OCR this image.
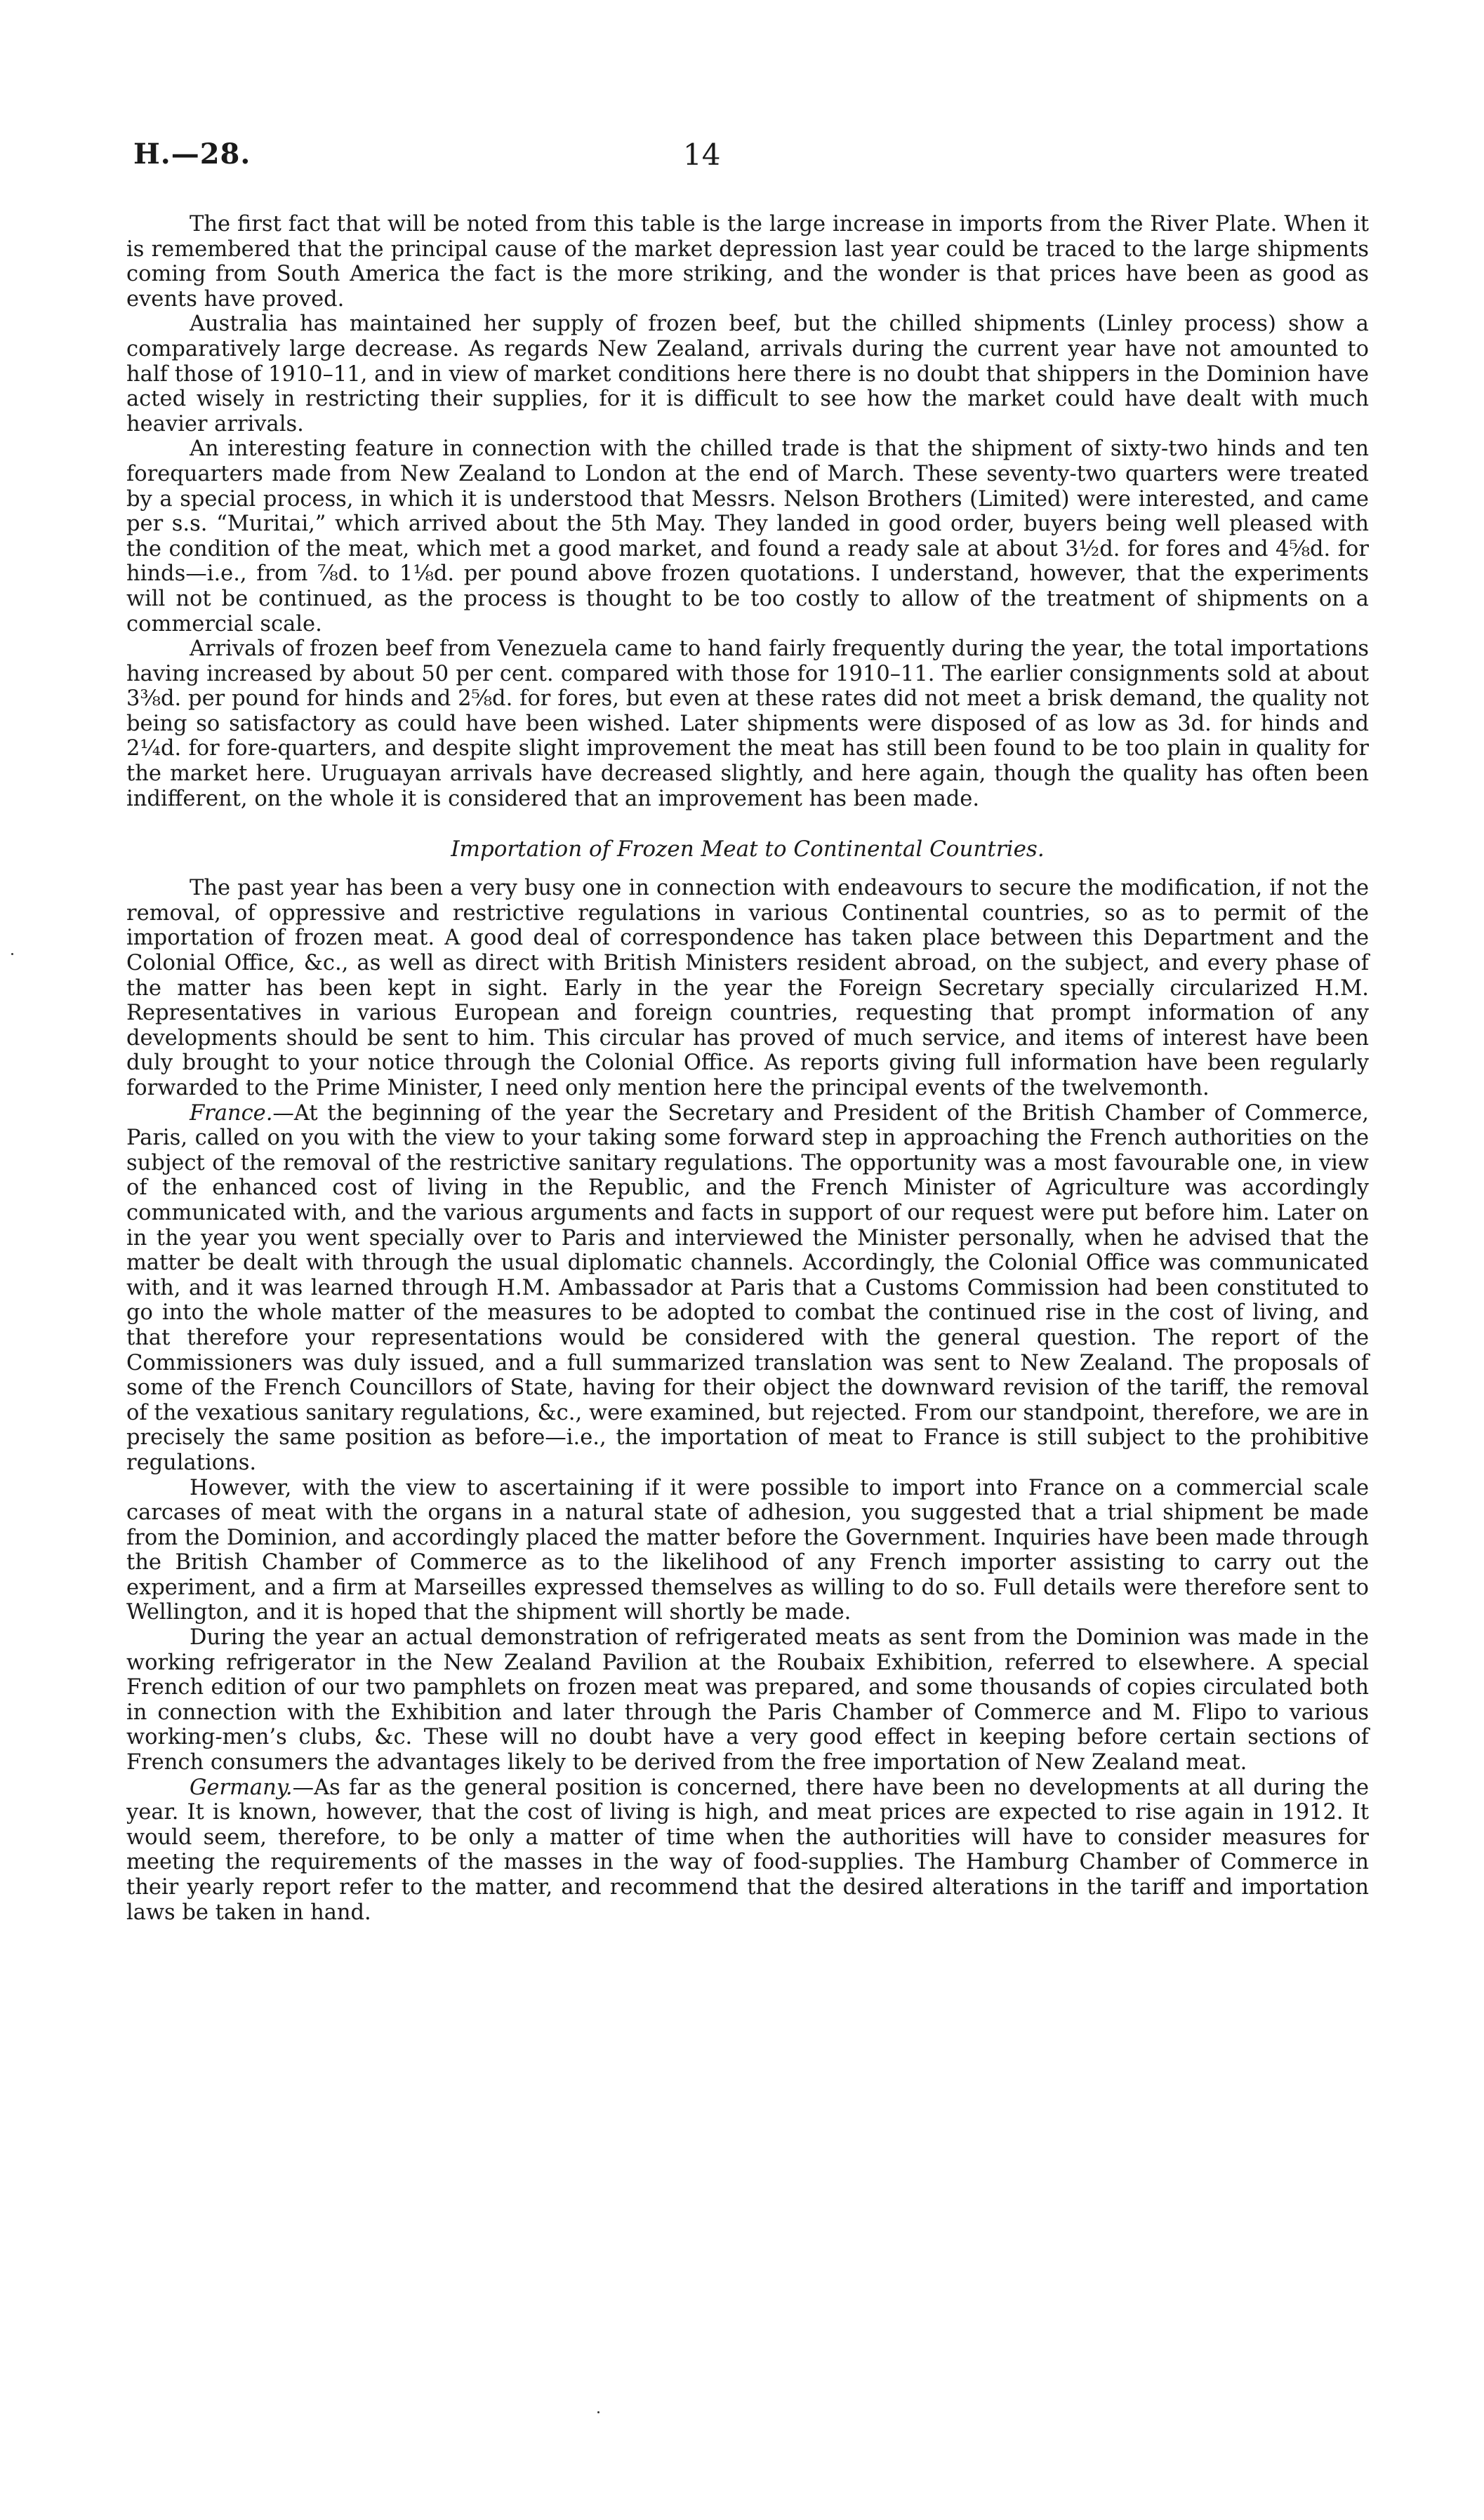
H.—28.	14

The first fact that will be noted from this table is the large increase in imports from the River Plate. When it is remembered that the principal cause of the market depression last year could be traced to the large shipments coming from South America the fact is the more striking, and the wonder is that prices have been as good as events have proved.

Australia has maintained her supply of frozen beef, but the chilled shipments (Linley process) show a comparatively large decrease. As regards New Zealand, arrivals during the current year have not amounted to half those of 1910–11, and in view of market conditions here there is no doubt that shippers in the Dominion have acted wisely in restricting their supplies, for it is difficult to see how the market could have dealt with much heavier arrivals.

An interesting feature in connection with the chilled trade is that the shipment of sixty-two hinds and ten forequarters made from New Zealand to London at the end of March. These seventy-two quarters were treated by a special process, in which it is understood that Messrs. Nelson Brothers (Limited) were interested, and came per s.s. “Muritai,” which arrived about the 5th May. They landed in good order, buyers being well pleased with the condition of the meat, which met a good market, and found a ready sale at about 3½d. for fores and 4⅝d. for hinds—i.e., from ⅞d. to 1⅛d. per pound above frozen quotations. I understand, however, that the experiments will not be continued, as the process is thought to be too costly to allow of the treatment of shipments on a commercial scale.

Arrivals of frozen beef from Venezuela came to hand fairly frequently during the year, the total importations having increased by about 50 per cent. compared with those for 1910–11. The earlier consignments sold at about 3⅜d. per pound for hinds and 2⅝d. for fores, but even at these rates did not meet a brisk demand, the quality not being so satisfactory as could have been wished. Later shipments were disposed of as low as 3d. for hinds and 2¼d. for fore-quarters, and despite slight improvement the meat has still been found to be too plain in quality for the market here. Uruguayan arrivals have decreased slightly, and here again, though the quality has often been indifferent, on the whole it is considered that an improvement has been made.

Importation of Frozen Meat to Continental Countries.

The past year has been a very busy one in connection with endeavours to secure the modification, if not the removal, of oppressive and restrictive regulations in various Continental countries, so as to permit of the importation of frozen meat. A good deal of correspondence has taken place between this Department and the Colonial Office, &c., as well as direct with British Ministers resident abroad, on the subject, and every phase of the matter has been kept in sight. Early in the year the Foreign Secretary specially circularized H.M. Representatives in various European and foreign countries, requesting that prompt information of any developments should be sent to him. This circular has proved of much service, and items of interest have been duly brought to your notice through the Colonial Office. As reports giving full information have been regularly forwarded to the Prime Minister, I need only mention here the principal events of the twelvemonth.

France.—At the beginning of the year the Secretary and President of the British Chamber of Commerce, Paris, called on you with the view to your taking some forward step in approaching the French authorities on the subject of the removal of the restrictive sanitary regulations. The opportunity was a most favourable one, in view of the enhanced cost of living in the Republic, and the French Minister of Agriculture was accordingly communicated with, and the various arguments and facts in support of our request were put before him. Later on in the year you went specially over to Paris and interviewed the Minister personally, when he advised that the matter be dealt with through the usual diplomatic channels. Accordingly, the Colonial Office was communicated with, and it was learned through H.M. Ambassador at Paris that a Customs Commission had been constituted to go into the whole matter of the measures to be adopted to combat the continued rise in the cost of living, and that therefore your representations would be considered with the general question. The report of the Commissioners was duly issued, and a full summarized translation was sent to New Zealand. The proposals of some of the French Councillors of State, having for their object the downward revision of the tariff, the removal of the vexatious sanitary regulations, &c., were examined, but rejected. From our standpoint, therefore, we are in precisely the same position as before—i.e., the importation of meat to France is still subject to the prohibitive regulations.

However, with the view to ascertaining if it were possible to import into France on a commercial scale carcases of meat with the organs in a natural state of adhesion, you suggested that a trial shipment be made from the Dominion, and accordingly placed the matter before the Government. Inquiries have been made through the British Chamber of Commerce as to the likelihood of any French importer assisting to carry out the experiment, and a firm at Marseilles expressed themselves as willing to do so. Full details were therefore sent to Wellington, and it is hoped that the shipment will shortly be made.

During the year an actual demonstration of refrigerated meats as sent from the Dominion was made in the working refrigerator in the New Zealand Pavilion at the Roubaix Exhibition, referred to elsewhere. A special French edition of our two pamphlets on frozen meat was prepared, and some thousands of copies circulated both in connection with the Exhibition and later through the Paris Chamber of Commerce and M. Flipo to various working-men’s clubs, &c. These will no doubt have a very good effect in keeping before certain sections of French consumers the advantages likely to be derived from the free importation of New Zealand meat.

Germany.—As far as the general position is concerned, there have been no developments at all during the year. It is known, however, that the cost of living is high, and meat prices are expected to rise again in 1912. It would seem, therefore, to be only a matter of time when the authorities will have to consider measures for meeting the requirements of the masses in the way of food-supplies. The Hamburg Chamber of Commerce in their yearly report refer to the matter, and recommend that the desired alterations in the tariff and importation laws be taken in hand.
